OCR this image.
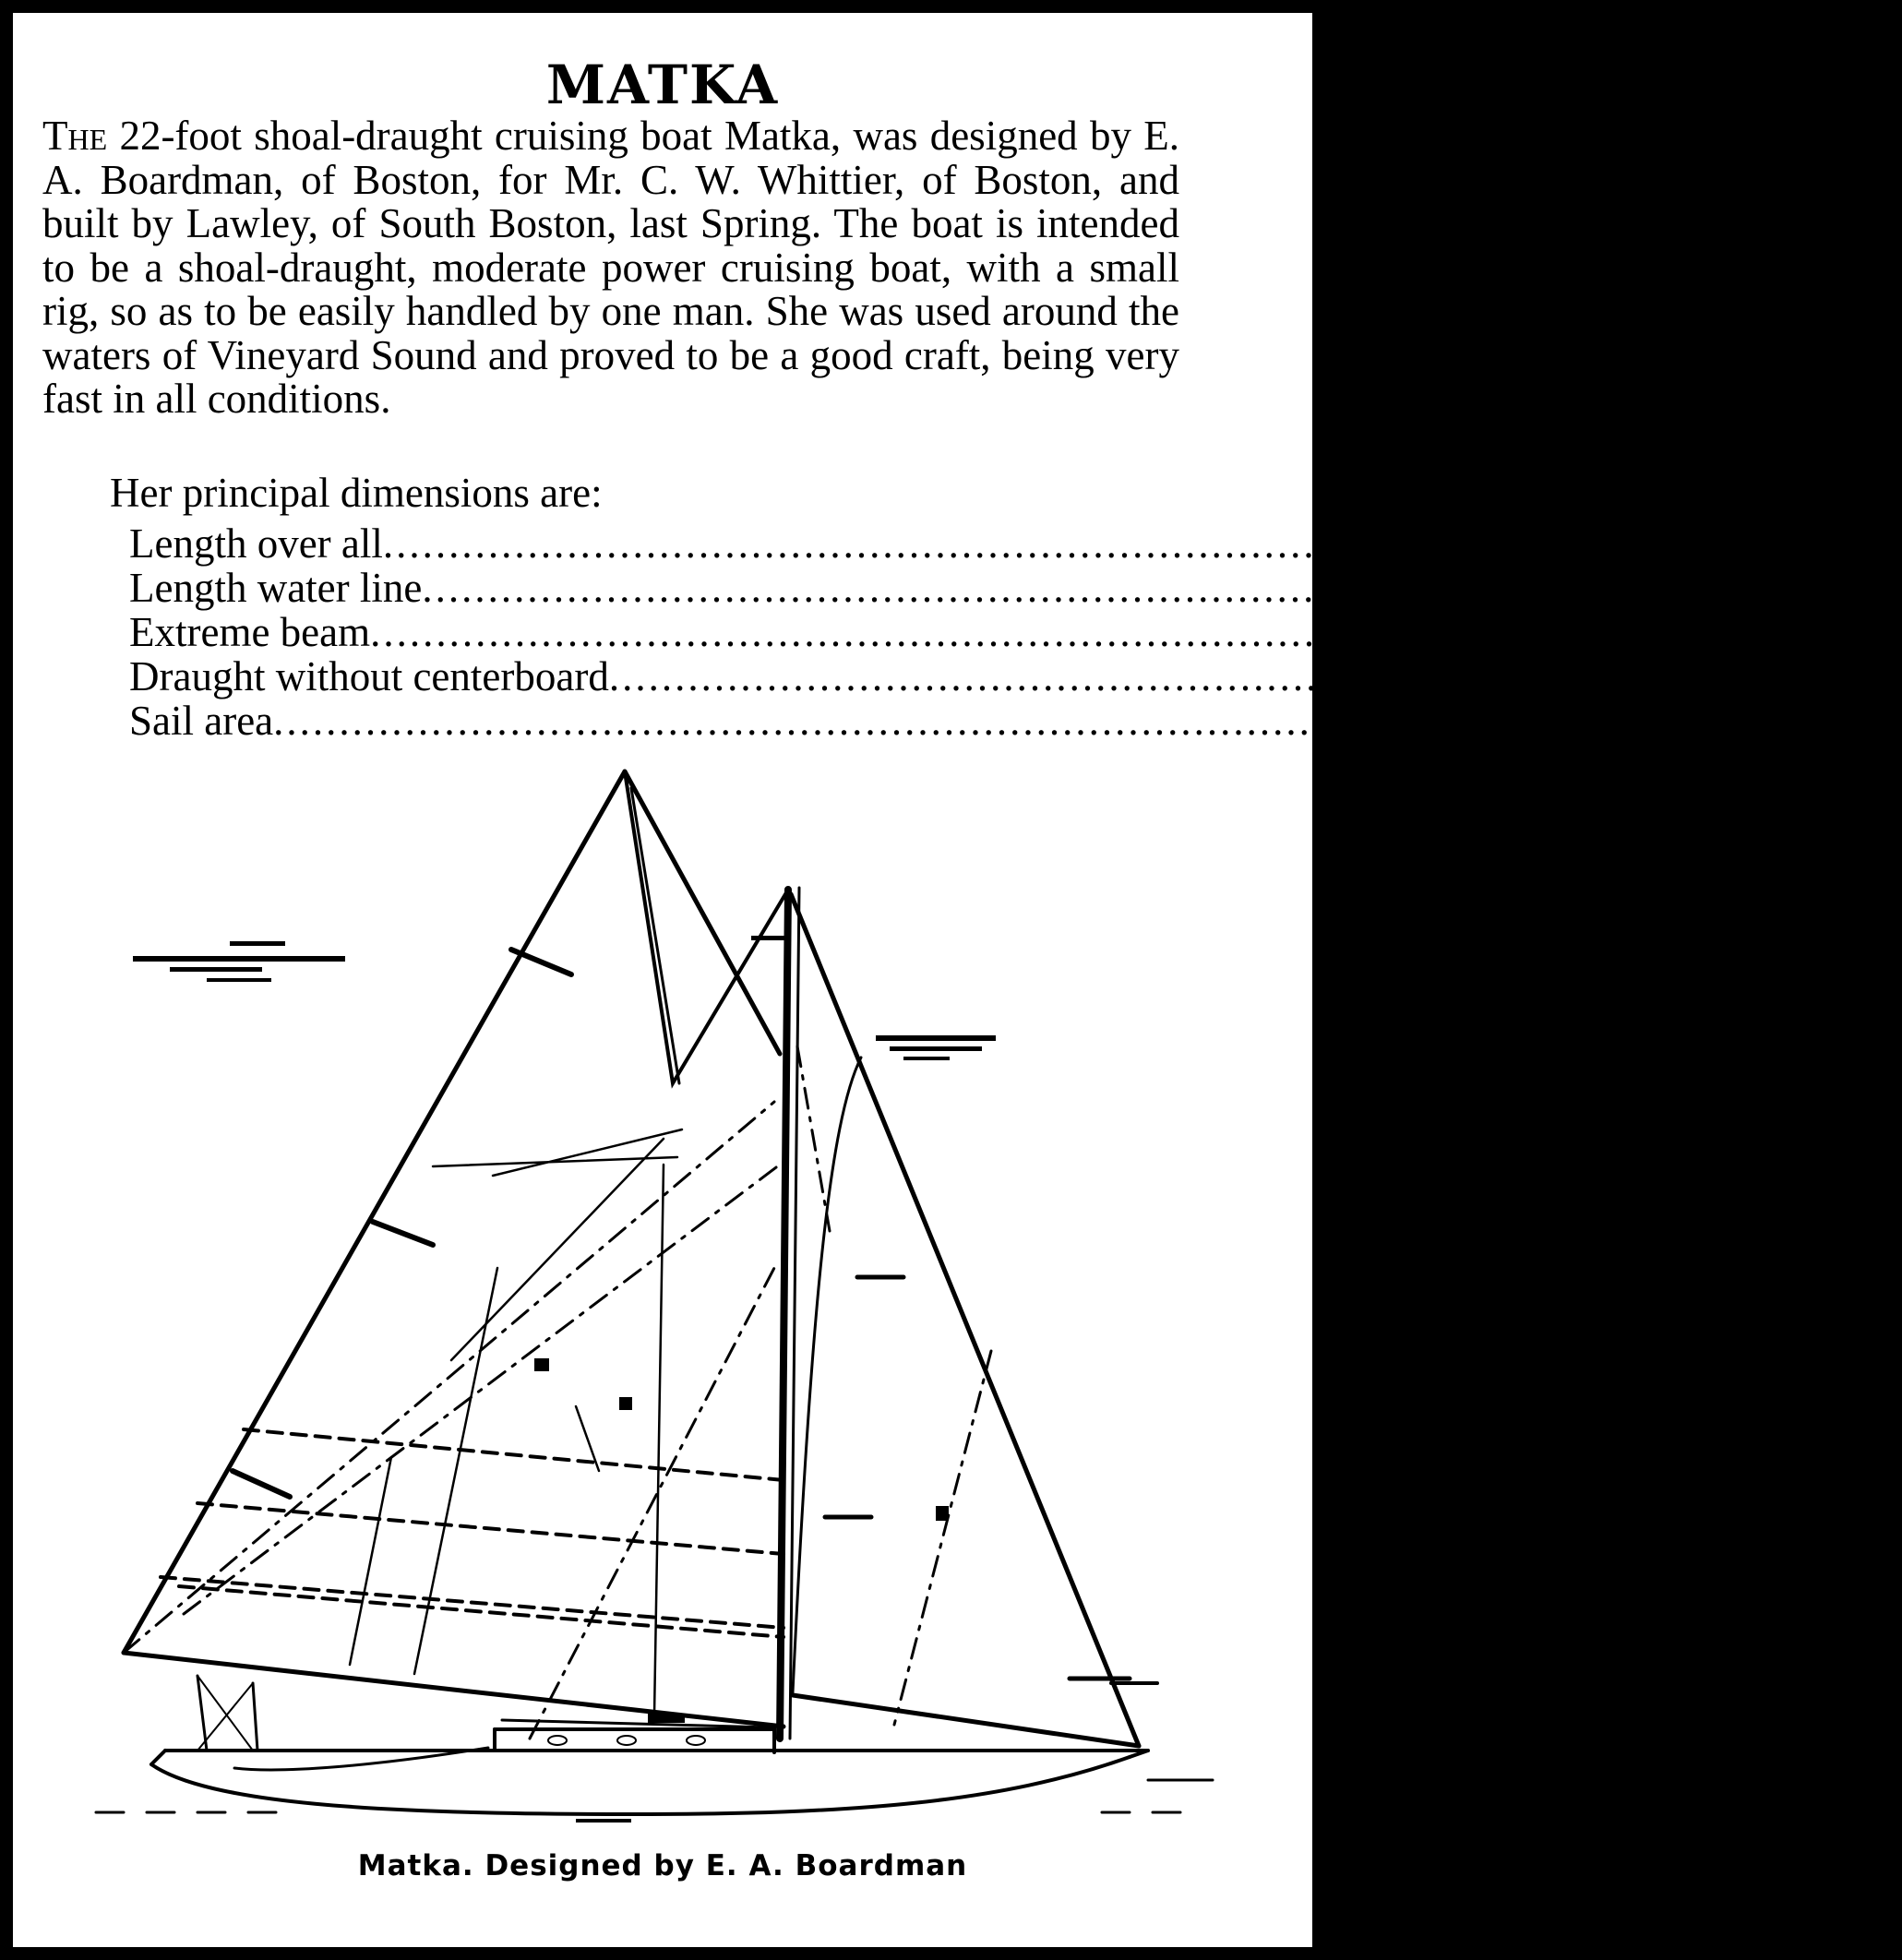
MATKA

The 22-foot shoal-draught cruising boat Matka, was designed by E. A. Boardman, of Boston, for Mr. C. W. Whittier, of Boston, and built by Lawley, of South Boston, last Spring. The boat is intended to be a shoal-draught, moderate power cruising boat, with a small rig, so as to be easily handled by one man. She was used around the waters of Vineyard Sound and proved to be a good craft, being very fast in all conditions.

Her principal dimensions are:
Length over all .......................................................................................... 38 feet 3 inches
Length water line .......................................................................................... 22 “ 0 “
Extreme beam .......................................................................................... 9 “ 10 “
Draught without centerboard .......................................................................................... 3 “ 6 “
Sail area .......................................................................................... 770 square feet
Matka. Designed by E. A. Boardman
